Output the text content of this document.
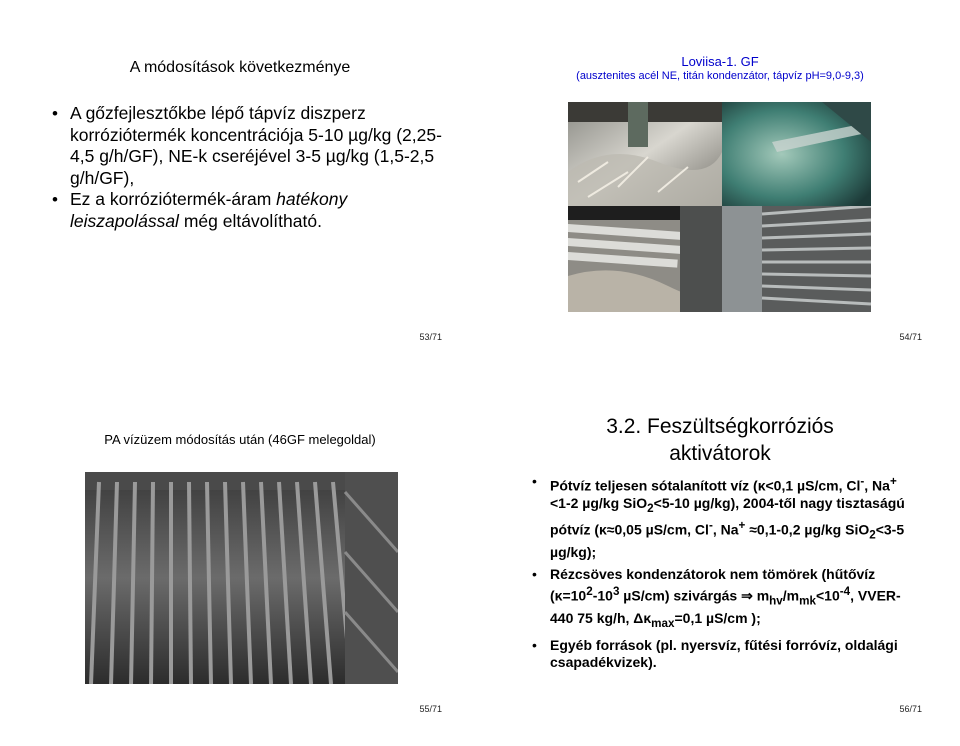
A módosítások következménye
• A gőzfejlesztőkbe lépő tápvíz diszperz korróziótermék koncentrációja 5-10 µg/kg (2,25-4,5 g/h/GF), NE-k cseréjével 3-5 µg/kg (1,5-2,5 g/h/GF),
• Ez a korróziótermék-áram hatékony leiszapolással még eltávolítható.
53/71
Loviisa-1. GF
(ausztenites acél NE, titán kondenzátor, tápvíz pH=9,0-9,3)
54/71
PA vízüzem módosítás után (46GF melegoldal)
55/71
3.2. Feszültségkorróziós
aktivátorok
• Pótvíz teljesen sótalanított víz (κ<0,1 µS/cm, Cl-, Na+ <1-2 µg/kg SiO$_2$<5-10 µg/kg), 2004-től nagy tisztaságú pótvíz (κ≈0,05 µS/cm, Cl-, Na+ ≈0,1-0,2 µg/kg SiO$_2$<3-5 µg/kg);
• Rézcsöves kondenzátorok nem tömörek (hűtővíz ($\kappa=10^2-10^3$ µS/cm) szivárgás ⇒ $m_{hv}/m_{mk}<10^{-4}$, VVER-440 75 kg/h, $\Delta\kappa_{max}=0,1$ µS/cm );
• Egyéb források (pl. nyersvíz, fűtési forróvíz, oldalági csapadékvizek).
56/71
